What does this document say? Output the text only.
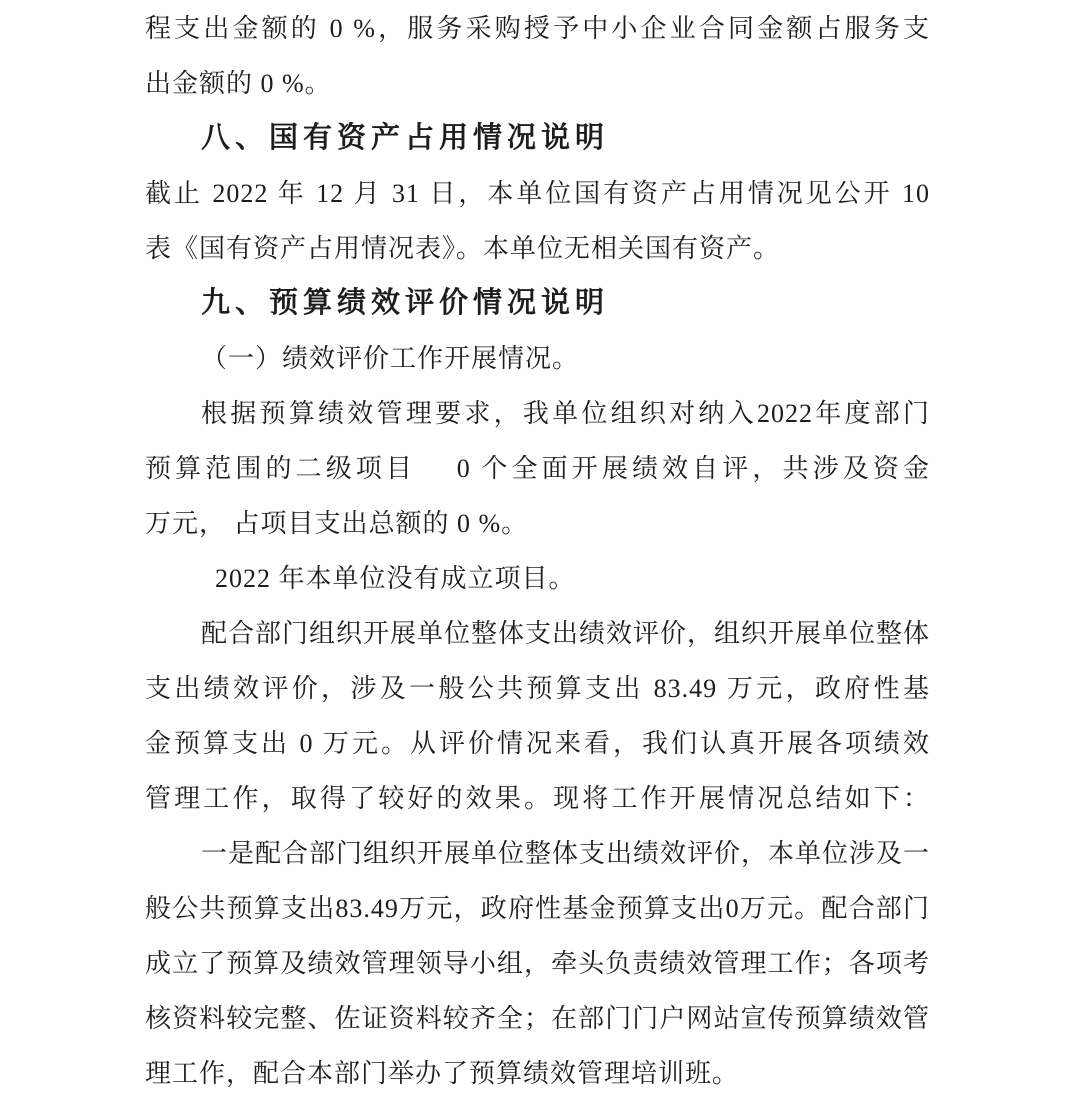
程支出金额的 0 %，服务采购授予中小企业合同金额占服务支
出金额的 0 %。
八、国有资产占用情况说明
截止 2022 年 12 月 31 日，本单位国有资产占用情况见公开 10
表《国有资产占用情况表》。本单位无相关国有资产。
九、预算绩效评价情况说明
（一）绩效评价工作开展情况。
根据预算绩效管理要求，我单位组织对纳入2022年度部门
预算范围的二级项目　 0 个全面开展绩效自评，共涉及资金
万元， 占项目支出总额的 0 %。
2022 年本单位没有成立项目。
配合部门组织开展单位整体支出绩效评价，组织开展单位整体
支出绩效评价，涉及一般公共预算支出 83.49 万元，政府性基
金预算支出 0 万元。从评价情况来看，我们认真开展各项绩效
管理工作，取得了较好的效果。现将工作开展情况总结如下：
一是配合部门组织开展单位整体支出绩效评价，本单位涉及一
般公共预算支出83.49万元，政府性基金预算支出0万元。配合部门
成立了预算及绩效管理领导小组，牵头负责绩效管理工作；各项考
核资料较完整、佐证资料较齐全；在部门门户网站宣传预算绩效管
理工作，配合本部门举办了预算绩效管理培训班。
